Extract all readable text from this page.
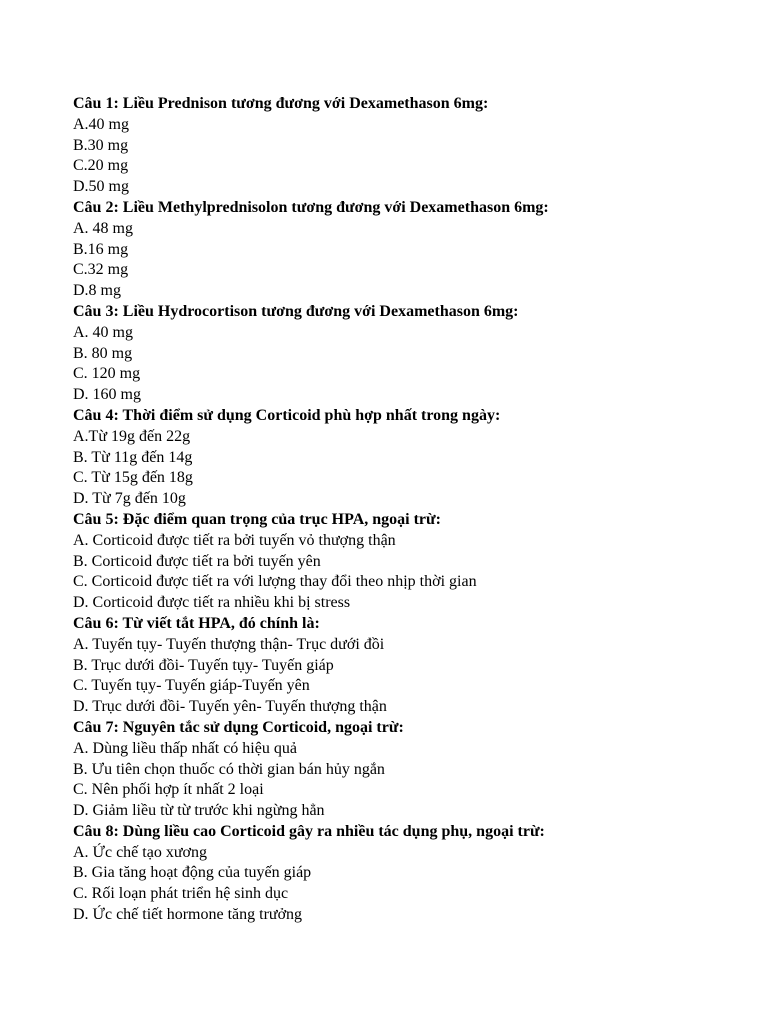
Câu 1: Liều Prednison tương đương với Dexamethason 6mg:
A.40 mg
B.30 mg
C.20 mg
D.50 mg
Câu 2: Liều Methylprednisolon tương đương với Dexamethason 6mg:
A. 48 mg
B.16 mg
C.32 mg
D.8 mg
Câu 3: Liều Hydrocortison tương đương với Dexamethason 6mg:
A. 40 mg
B. 80 mg
C. 120 mg
D. 160 mg
Câu 4: Thời điểm sử dụng Corticoid phù hợp nhất trong ngày:
A.Từ 19g đến 22g
B. Từ 11g đến 14g
C. Từ 15g đến 18g
D. Từ 7g đến 10g
Câu 5: Đặc điểm quan trọng của trục HPA, ngoại trừ:
A. Corticoid được tiết ra bởi tuyến vỏ thượng thận
B. Corticoid được tiết ra bởi tuyến yên
C. Corticoid được tiết ra với lượng thay đổi theo nhịp thời gian
D. Corticoid được tiết ra nhiều khi bị stress
Câu 6: Từ viết tắt HPA, đó chính là:
A. Tuyến tụy- Tuyến thượng thận- Trục dưới đồi
B. Trục dưới đồi- Tuyến tụy- Tuyến giáp
C. Tuyến tụy- Tuyến giáp-Tuyến yên
D. Trục dưới đồi- Tuyến yên- Tuyến thượng thận
Câu 7: Nguyên tắc sử dụng Corticoid, ngoại trừ:
A. Dùng liều thấp nhất có hiệu quả
B. Ưu tiên chọn thuốc có thời gian bán hủy ngắn
C. Nên phối hợp ít nhất 2 loại
D. Giảm liều từ từ trước khi ngừng hẳn
Câu 8: Dùng liều cao Corticoid gây ra nhiều tác dụng phụ, ngoại trừ:
A. Ức chế tạo xương
B. Gia tăng hoạt động của tuyến giáp
C. Rối loạn phát triển hệ sinh dục
D. Ức chế tiết hormone tăng trưởng
